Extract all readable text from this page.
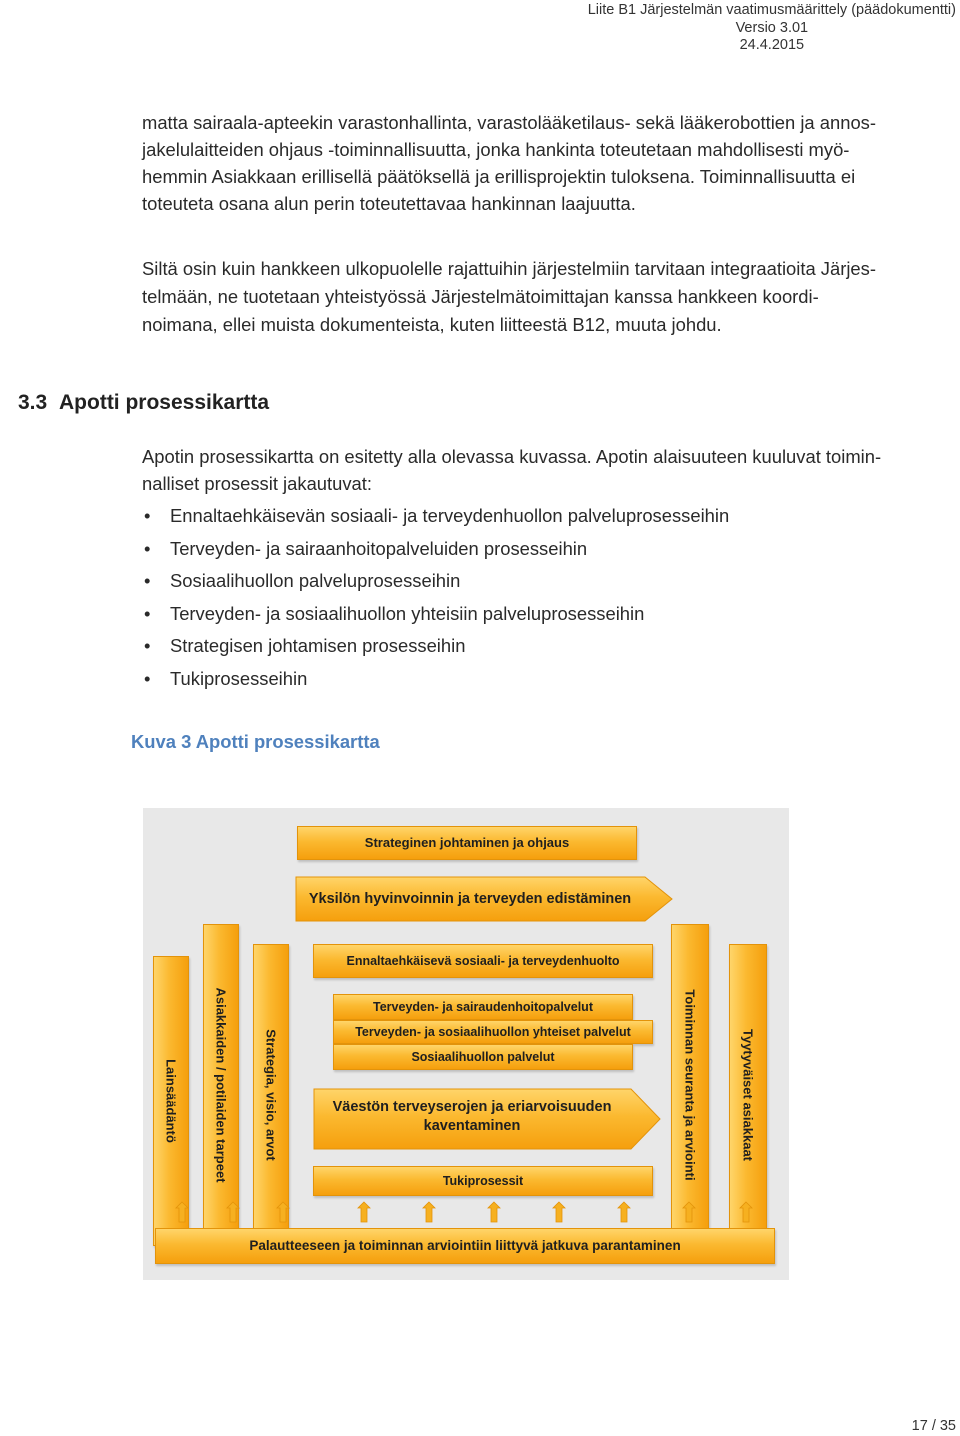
Liite B1 Järjestelmän vaatimusmäärittely (päädokumentti)
Versio 3.01
24.4.2015
matta sairaala-apteekin varastonhallinta, varastolääketilaus- sekä lääkerobottien ja annos-
jakelulaitteiden ohjaus -toiminnallisuutta, jonka hankinta toteutetaan mahdollisesti myö-
hemmin Asiakkaan erillisellä päätöksellä ja erillisprojektin tuloksena. Toiminnallisuutta ei
toteuteta osana alun perin toteutettavaa hankinnan laajuutta.
Siltä osin kuin hankkeen ulkopuolelle rajattuihin järjestelmiin tarvitaan integraatioita Järjes-
telmään, ne tuotetaan yhteistyössä Järjestelmätoimittajan kanssa hankkeen koordi-
noimana, ellei muista dokumenteista, kuten liitteestä B12, muuta johdu.
3.3 Apotti prosessikartta
Apotin prosessikartta on esitetty alla olevassa kuvassa. Apotin alaisuuteen kuuluvat toimin-
nalliset prosessit jakautuvat:
• Ennaltaehkäisevän sosiaali- ja terveydenhuollon palveluprosesseihin
• Terveyden- ja sairaanhoitopalveluiden prosesseihin
• Sosiaalihuollon palveluprosesseihin
• Terveyden- ja sosiaalihuollon yhteisiin palveluprosesseihin
• Strategisen johtamisen prosesseihin
• Tukiprosesseihin
Kuva 3 Apotti prosessikartta
Strateginen johtaminen ja ohjaus
Yksilön hyvinvoinnin ja terveyden edistäminen
Lainsäädäntö	Asiakkaiden / potilaiden tarpeet	Strategia, visio, arvot	Toiminnan seuranta ja arviointi	Tyytyväiset asiakkaat
Ennaltaehkäisevä sosiaali- ja terveydenhuolto
Terveyden- ja sairaudenhoitopalvelut
Terveyden- ja sosiaalihuollon yhteiset palvelut
Sosiaalihuollon palvelut
Väestön terveyserojen ja eriarvoisuuden
kaventaminen
Tukiprosessit
Palautteeseen ja toiminnan arviointiin liittyvä jatkuva parantaminen
17 / 35
